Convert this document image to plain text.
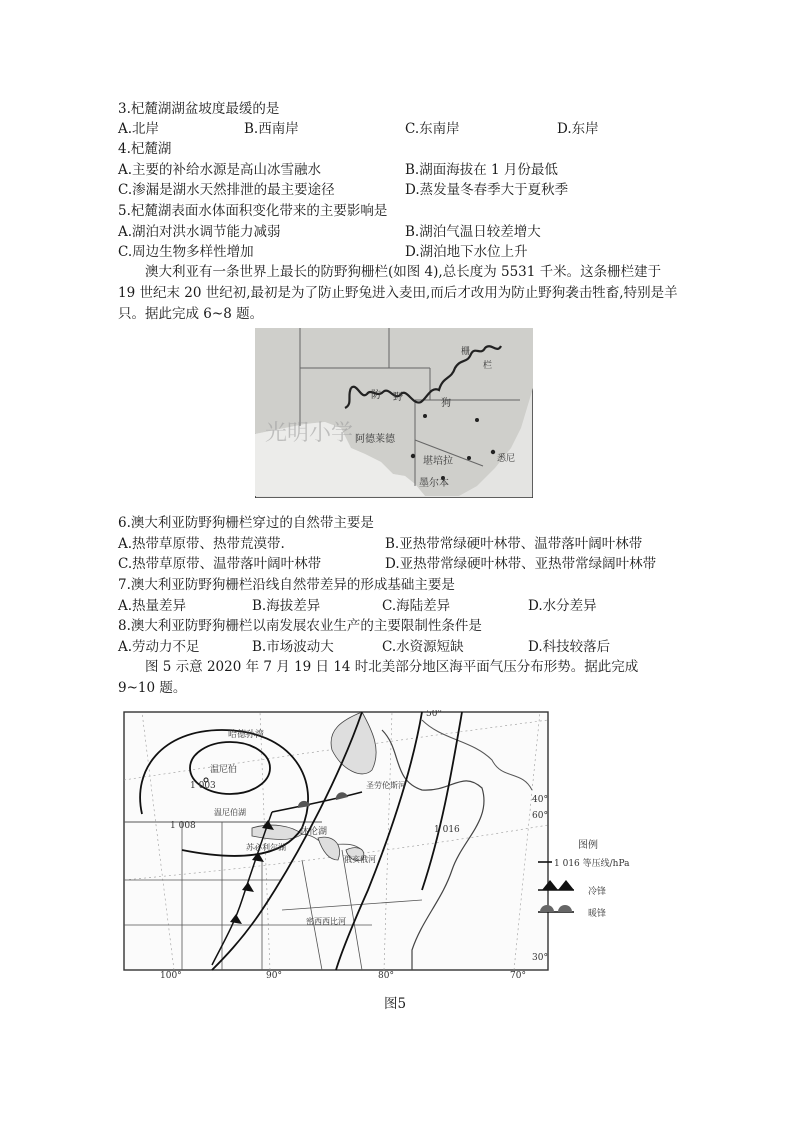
3.杞麓湖湖盆坡度最缓的是
A.北岸	B.西南岸	C.东南岸	D.东岸
4.杞麓湖
A.主要的补给水源是高山冰雪融水	B.湖面海拔在 1 月份最低
C.渗漏是湖水天然排泄的最主要途径	D.蒸发量冬春季大于夏秋季
5.杞麓湖表面水体面积变化带来的主要影响是
A.湖泊对洪水调节能力减弱	B.湖泊气温日较差增大
C.周边生物多样性增加	D.湖泊地下水位上升
澳大利亚有一条世界上最长的防野狗栅栏(如图 4),总长度为 5531 千米。这条栅栏建于 19 世纪末 20 世纪初,最初是为了防止野兔进入麦田,而后才改用为防止野狗袭击牲畜,特别是羊只。据此完成 6~8 题。
栅
栏
狗
野
防
阿德莱德
堪培拉	悉尼
墨尔本
光明小学
6.澳大利亚防野狗栅栏穿过的自然带主要是
A.热带草原带、热带荒漠带.	B.亚热带常绿硬叶林带、温带落叶阔叶林带
C.热带草原带、温带落叶阔叶林带	D.亚热带常绿硬叶林带、亚热带常绿阔叶林带
7.澳大利亚防野狗栅栏沿线自然带差异的形成基础主要是
A.热量差异	B.海拔差异	C.海陆差异	D.水分差异
8.澳大利亚防野狗栅栏以南发展农业生产的主要限制性条件是
A.劳动力不足	B.市场波动大	C.水资源短缺	D.科技较落后
图 5 示意 2020 年 7 月 19 日 14 时北美部分地区海平面气压分布形势。据此完成 9~10 题。
哈德孙湾
温尼伯
温尼伯湖
苏必利尔湖
休伦湖
圣劳伦斯河
俄亥俄河
密西西比河
1 003
1 008	1 016
50°
40°
60°
30°
100°	90°	80°	70°
图例
1 016 等压线/hPa
冷锋
暖锋
图5
